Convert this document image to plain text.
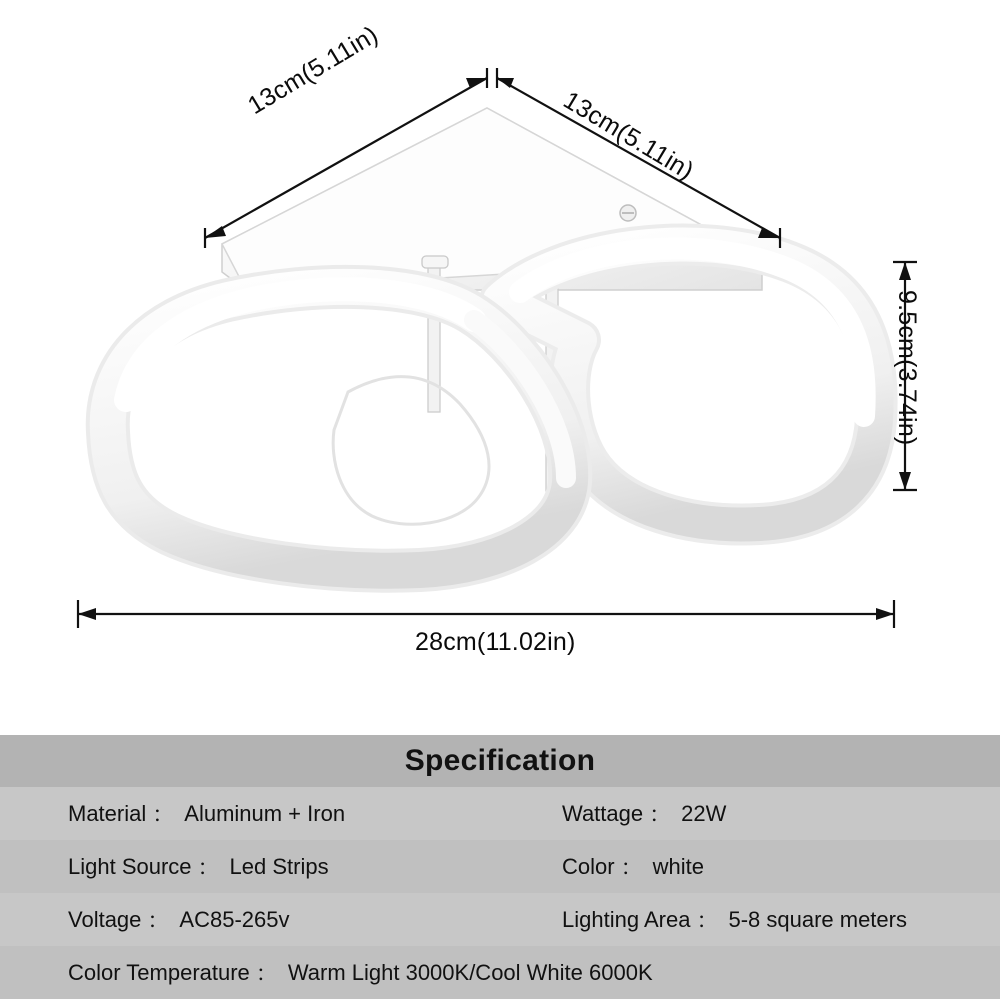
13cm(5.11in)
13cm(5.11in)
9.5cm(3.74in)
28cm(11.02in)
Specification
Material ： Aluminum + Iron	Wattage ： 22W
Light Source ： Led Strips	Color ： white
Voltage ： AC85-265v	Lighting Area ： 5-8 square meters
Color Temperature ： Warm Light 3000K/Cool White 6000K
